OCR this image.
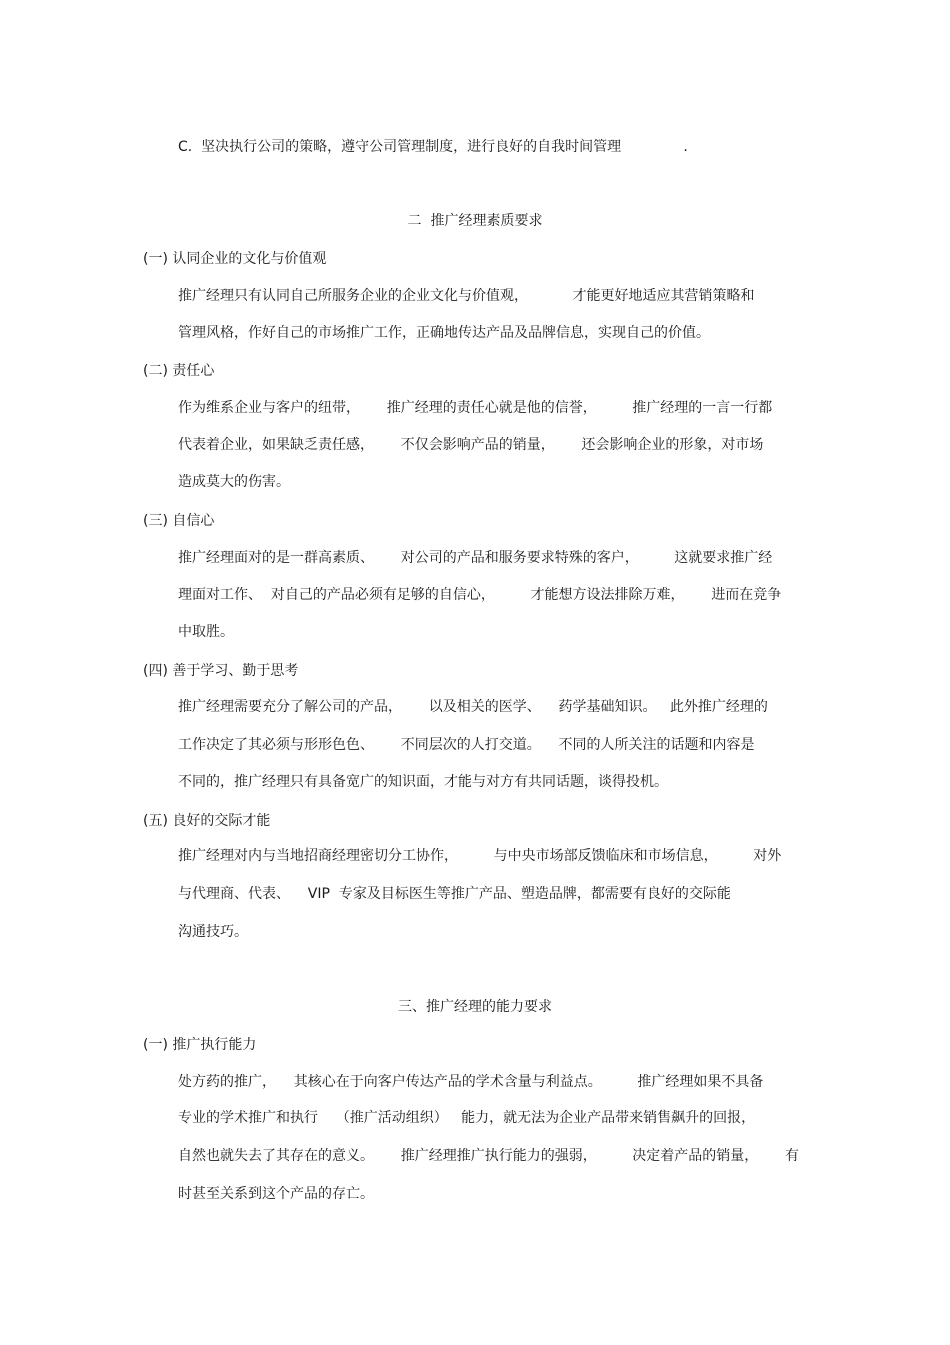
C.  坚决执行公司的策略，遵守公司管理制度，进行良好的自我时间管理              .
二  推广经理素质要求
(一) 认同企业的文化与价值观
推广经理只有认同自己所服务企业的企业文化与价值观，          才能更好地适应其营销策略和
管理风格，作好自己的市场推广工作，正确地传达产品及品牌信息，实现自己的价值。
(二) 责任心
作为维系企业与客户的纽带，      推广经理的责任心就是他的信誉，        推广经理的一言一行都
代表着企业，如果缺乏责任感，      不仅会影响产品的销量，      还会影响企业的形象，对市场
造成莫大的伤害。
(三) 自信心
推广经理面对的是一群高素质、      对公司的产品和服务要求特殊的客户，        这就要求推广经
理面对工作、  对自己的产品必须有足够的自信心，        才能想方设法排除万难，      进而在竞争
中取胜。
(四) 善于学习、勤于思考
推广经理需要充分了解公司的产品，      以及相关的医学、    药学基础知识。   此外推广经理的
工作决定了其必须与形形色色、      不同层次的人打交道。    不同的人所关注的话题和内容是
不同的，推广经理只有具备宽广的知识面，才能与对方有共同话题，谈得投机。
(五) 良好的交际才能
推广经理对内与当地招商经理密切分工协作，        与中央市场部反馈临床和市场信息，        对外
与代理商、代表、    VIP  专家及目标医生等推广产品、塑造品牌，都需要有良好的交际能
沟通技巧。
三、推广经理的能力要求
(一) 推广执行能力
处方药的推广，    其核心在于向客户传达产品的学术含量与利益点。        推广经理如果不具备
专业的学术推广和执行    （推广活动组织）   能力，就无法为企业产品带来销售飙升的回报，
自然也就失去了其存在的意义。      推广经理推广执行能力的强弱，        决定着产品的销量，      有
时甚至关系到这个产品的存亡。
